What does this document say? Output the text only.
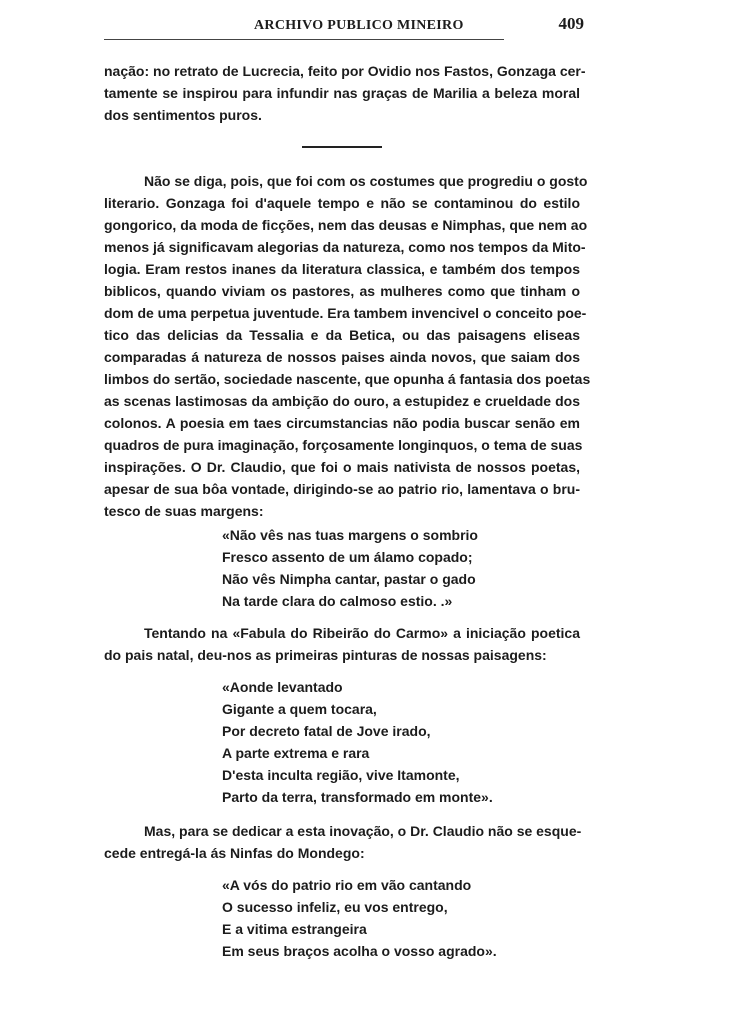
ARCHIVO PUBLICO MINEIRO	409

nação: no retrato de Lucrecia, feito por Ovidio nos Fastos, Gonzaga cer-
tamente se inspirou para infundir nas graças de Marilia a beleza moral
dos sentimentos puros.

Não se diga, pois, que foi com os costumes que progrediu o gosto
literario. Gonzaga foi d'aquele tempo e não se contaminou do estilo
gongorico, da moda de ficções, nem das deusas e Nimphas, que nem ao
menos já significavam alegorias da natureza, como nos tempos da Mito-
logia. Eram restos inanes da literatura classica, e também dos tempos
biblicos, quando viviam os pastores, as mulheres como que tinham o
dom de uma perpetua juventude. Era tambem invencivel o conceito poe-
tico das delicias da Tessalia e da Betica, ou das paisagens eliseas
comparadas á natureza de nossos paises ainda novos, que saiam dos
limbos do sertão, sociedade nascente, que opunha á fantasia dos poetas
as scenas lastimosas da ambição do ouro, a estupidez e crueldade dos
colonos. A poesia em taes circumstancias não podia buscar senão em
quadros de pura imaginação, forçosamente longinquos, o tema de suas
inspirações. O Dr. Claudio, que foi o mais nativista de nossos poetas,
apesar de sua bôa vontade, dirigindo-se ao patrio rio, lamentava o bru-
tesco de suas margens:

«Não vês nas tuas margens o sombrio
Fresco assento de um álamo copado;
Não vês Nimpha cantar, pastar o gado
Na tarde clara do calmoso estio. .»

Tentando na «Fabula do Ribeirão do Carmo» a iniciação poetica
do pais natal, deu-nos as primeiras pinturas de nossas paisagens:

«Aonde levantado
Gigante a quem tocara,
Por decreto fatal de Jove irado,
A parte extrema e rara
D'esta inculta região, vive Itamonte,
Parto da terra, transformado em monte».

Mas, para se dedicar a esta inovação, o Dr. Claudio não se esque-
cede entregá-la ás Ninfas do Mondego:

«A vós do patrio rio em vão cantando
O sucesso infeliz, eu vos entrego,
E a vitima estrangeira
Em seus braços acolha o vosso agrado».
